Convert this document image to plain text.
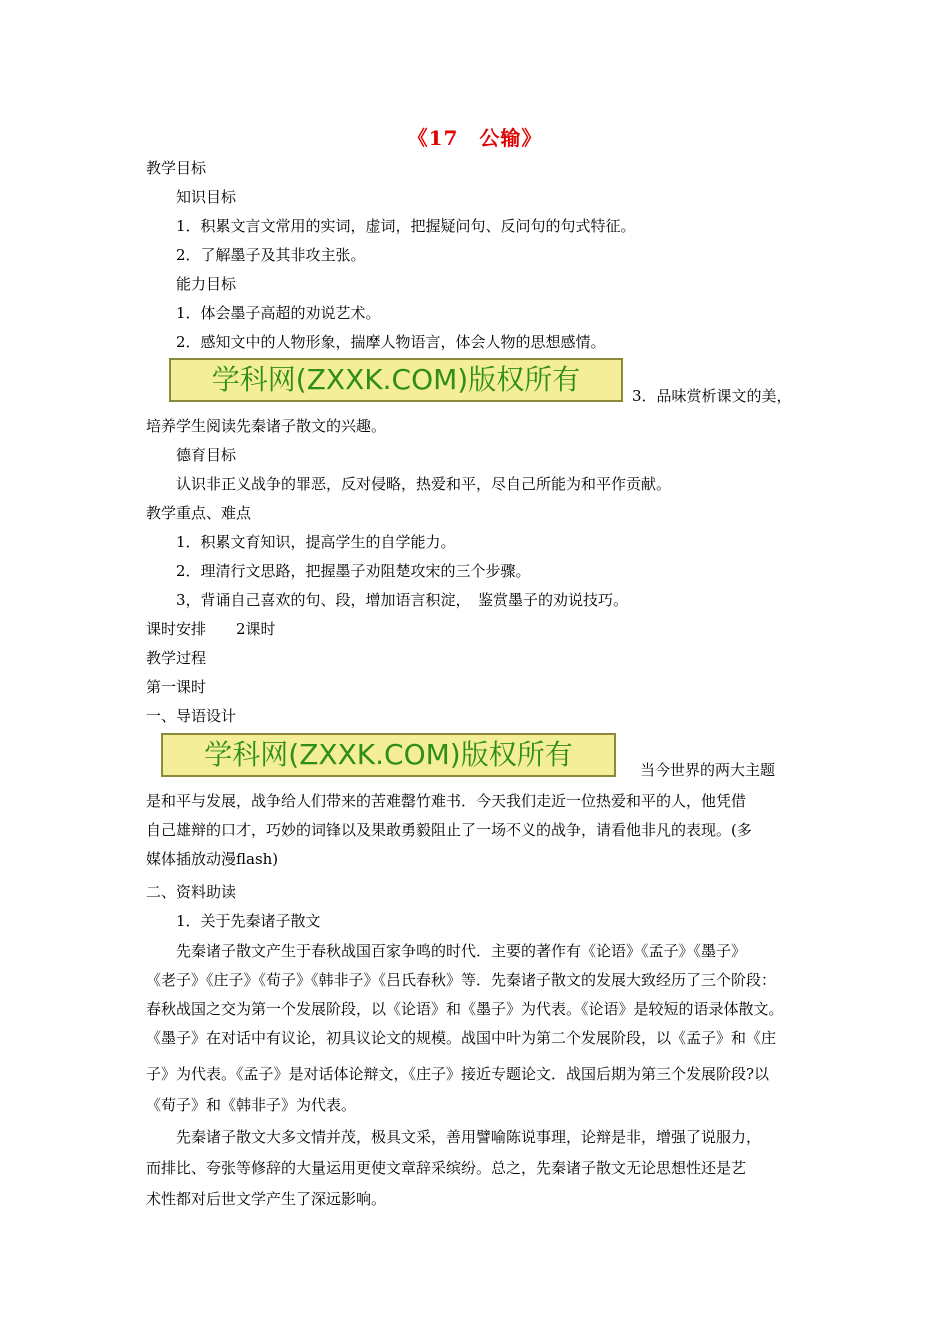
《17　公输》
教学目标
知识目标
1．积累文言文常用的实词，虚词，把握疑问句、反问句的句式特征。
2．了解墨子及其非攻主张。
能力目标
1．体会墨子高超的劝说艺术。
2．感知文中的人物形象，揣摩人物语言，体会人物的思想感情。
学科网(ZXXK.COM)版权所有	3．品味赏析课文的美，
培养学生阅读先秦诸子散文的兴趣。
德育目标
认识非正义战争的罪恶，反对侵略，热爱和平，尽自己所能为和平作贡献。
教学重点、难点
1．积累文育知识，提高学生的自学能力。
2．理清行文思路，把握墨子劝阻楚攻宋的三个步骤。
3，背诵自己喜欢的句、段，增加语言积淀，　鉴赏墨子的劝说技巧。
课时安排　　2课时
教学过程
第一课时
一、导语设计
学科网(ZXXK.COM)版权所有	当今世界的两大主题
是和平与发展，战争给人们带来的苦难罄竹难书．今天我们走近一位热爱和平的人，他凭借
自己雄辩的口才，巧妙的词锋以及果敢勇毅阻止了一场不义的战争，请看他非凡的表现。(多
媒体插放动漫flash)
二、资料助读
1．关于先秦诸子散文
先秦诸子散文产生于春秋战国百家争鸣的时代．主要的著作有《论语》《孟子》《墨子》
《老子》《庄子》《荀子》《韩非子》《吕氏春秋》等．先秦诸子散文的发展大致经历了三个阶段：
春秋战国之交为第一个发展阶段，以《论语》和《墨子》为代表。《论语》是较短的语录体散文。
《墨子》在对话中有议论，初具议论文的规模。战国中叶为第二个发展阶段，以《孟子》和《庄
子》为代表。《孟子》是对话体论辩文，《庄子》接近专题论文．战国后期为第三个发展阶段?以
《荀子》和《韩非子》为代表。
先秦诸子散文大多文情并茂，极具文采，善用譬喻陈说事理，论辩是非，增强了说服力，
而排比、夸张等修辞的大量运用更使文章辞采缤纷。总之，先秦诸子散文无论思想性还是艺
术性都对后世文学产生了深远影响。
